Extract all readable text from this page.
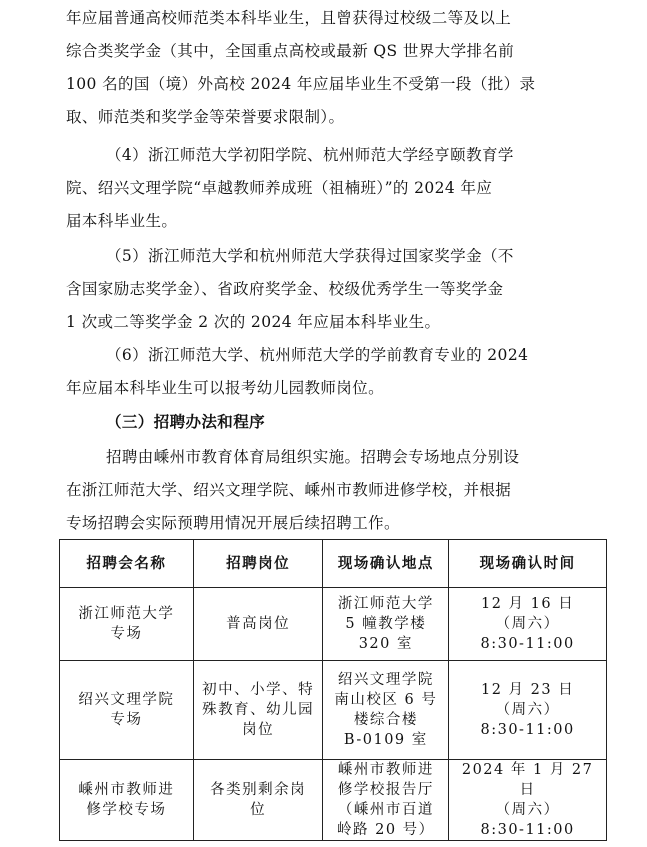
年应届普通高校师范类本科毕业生，且曾获得过校级二等及以上
综合类奖学金（其中，全国重点高校或最新 QS 世界大学排名前
100 名的国（境）外高校 2024 年应届毕业生不受第一段（批）录
取、师范类和奖学金等荣誉要求限制）。

（4）浙江师范大学初阳学院、杭州师范大学经亨颐教育学
院、绍兴文理学院“卓越教师养成班（祖楠班）”的 2024 年应
届本科毕业生。

（5）浙江师范大学和杭州师范大学获得过国家奖学金（不
含国家励志奖学金）、省政府奖学金、校级优秀学生一等奖学金
1 次或二等奖学金 2 次的 2024 年应届本科毕业生。

（6）浙江师范大学、杭州师范大学的学前教育专业的 2024
年应届本科毕业生可以报考幼儿园教师岗位。

（三）招聘办法和程序

招聘由嵊州市教育体育局组织实施。招聘会专场地点分别设
在浙江师范大学、绍兴文理学院、嵊州市教师进修学校，并根据
专场招聘会实际预聘用情况开展后续招聘工作。

招聘会名称	招聘岗位	现场确认地点	现场确认时间

浙江师范大学
专场	普高岗位	浙江师范大学
5 幢教学楼
320 室	12 月 16 日
（周六）
8:30-11:00

绍兴文理学院
专场	初中、小学、特
殊教育、幼儿园
岗位	绍兴文理学院
南山校区 6 号
楼综合楼
B-0109 室	12 月 23 日
（周六）
8:30-11:00

嵊州市教师进
修学校专场	各类别剩余岗
位	嵊州市教师进
修学校报告厅
（嵊州市百道
岭路 20 号）	2024 年 1 月 27 日
（周六）
8:30-11:00
